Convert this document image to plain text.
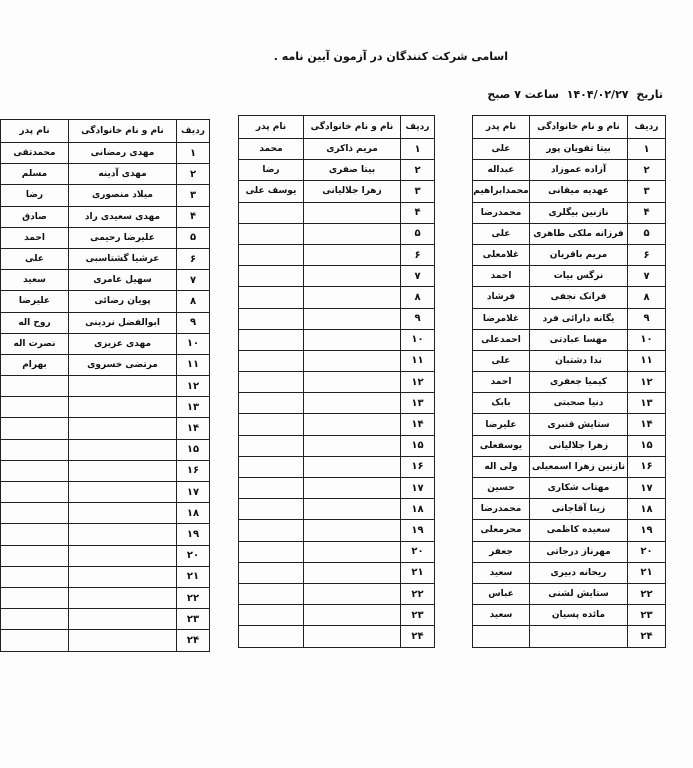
اسامی شرکت کنندگان در آزمون آیین نامه .
تاریخ ۱۴۰۴/۰۲/۲۷ ساعت ۷ صبح
ردیف	نام و نام خانوادگی	نام پدر
۱	بیتا تقویان پور	علی
۲	آزاده عموزاد	عبداله
۳	عهدیه میقانی	محمدابراهیم
۴	نازنین بیگلری	محمدرضا
۵	فرزانه ملکی طاهری	علی
۶	مریم باقریان	غلامعلی
۷	نرگس بیات	احمد
۸	فرانک نجفی	فرشاد
۹	یگانه دارائی فرد	غلامرضا
۱۰	مهسا عبادتی	احمدعلی
۱۱	ندا دشتبان	علی
۱۲	کیمیا جعفری	احمد
۱۳	دنیا صحبتی	بابک
۱۴	ستایش قنبری	علیرضا
۱۵	زهرا جلالیانی	یوسفعلی
۱۶	نازنین زهرا اسمعیلی	ولی اله
۱۷	مهتاب شکاری	حسین
۱۸	زینا آقاجانی	محمدرضا
۱۹	سعیده کاظمی	محرمعلی
۲۰	مهرناز درجاتی	جعفر
۲۱	ریحانه دبیری	سعید
۲۲	ستایش لشنی	عباس
۲۳	مائده پسیان	سعید
۲۴		
ردیف	نام و نام خانوادگی	نام پدر
۱	مریم ذاکری	محمد
۲	بیتا صفری	رضا
۳	زهرا جلالیانی	یوسف علی
۴		
۵		
۶		
۷		
۸		
۹		
۱۰		
۱۱		
۱۲		
۱۳		
۱۴		
۱۵		
۱۶		
۱۷		
۱۸		
۱۹		
۲۰		
۲۱		
۲۲		
۲۳		
۲۴		
ردیف	نام و نام خانوادگی	نام پدر
۱	مهدی رمضانی	محمدتقی
۲	مهدی آدینه	مسلم
۳	میلاد منصوری	رضا
۴	مهدی سعیدی راد	صادق
۵	علیرضا رحیمی	احمد
۶	عرشیا گشتاسبی	علی
۷	سهیل عامری	سعید
۸	پویان رضائی	علیرضا
۹	ابوالفضل نردینی	روح اله
۱۰	مهدی عزیزی	نصرت اله
۱۱	مرتضی خسروی	بهرام
۱۲		
۱۳		
۱۴		
۱۵		
۱۶		
۱۷		
۱۸		
۱۹		
۲۰		
۲۱		
۲۲		
۲۳		
۲۴		
